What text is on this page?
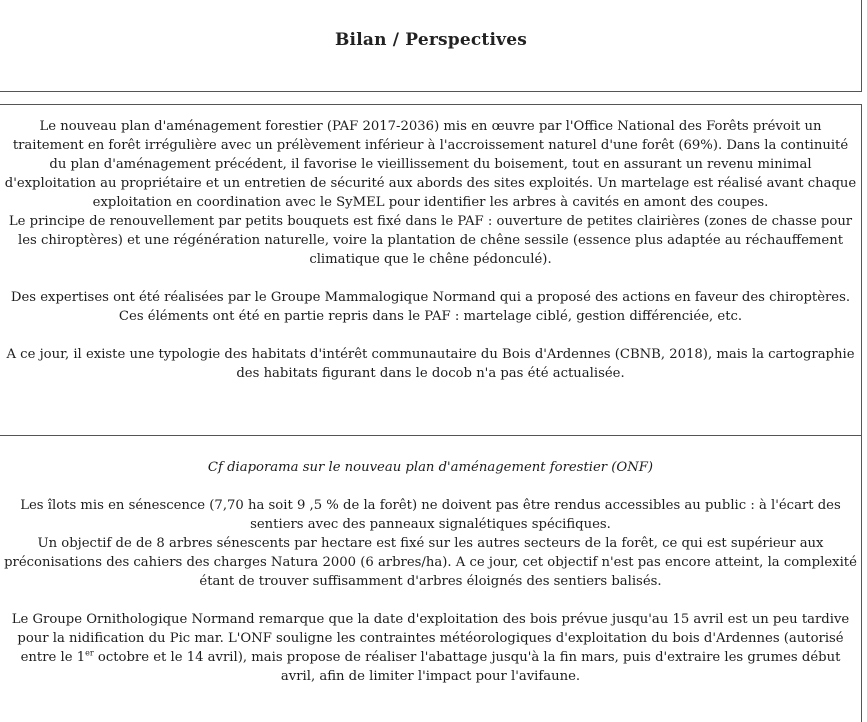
Bilan / Perspectives

Le nouveau plan d'aménagement forestier (PAF 2017-2036) mis en œuvre par l'Office National des Forêts prévoit un traitement en forêt irrégulière avec un prélèvement inférieur à l'accroissement naturel d'une forêt (69%). Dans la continuité du plan d'aménagement précédent, il favorise le vieillissement du boisement, tout en assurant un revenu minimal d'exploitation au propriétaire et un entretien de sécurité aux abords des sites exploités. Un martelage est réalisé avant chaque exploitation en coordination avec le SyMEL pour identifier les arbres à cavités en amont des coupes.

Le principe de renouvellement par petits bouquets est fixé dans le PAF : ouverture de petites clairières (zones de chasse pour les chiroptères) et une régénération naturelle, voire la plantation de chêne sessile (essence plus adaptée au réchauffement climatique que le chêne pédonculé).

Des expertises ont été réalisées par le Groupe Mammalogique Normand qui a proposé des actions en faveur des chiroptères. Ces éléments ont été en partie repris dans le PAF : martelage ciblé, gestion différenciée, etc.

A ce jour, il existe une typologie des habitats d'intérêt communautaire du Bois d'Ardennes (CBNB, 2018), mais la cartographie des habitats figurant dans le docob n'a pas été actualisée.

Cf diaporama sur le nouveau plan d'aménagement forestier (ONF)

Les îlots mis en sénescence (7,70 ha soit 9 ,5 % de la forêt) ne doivent pas être rendus accessibles au public : à l'écart des sentiers avec des panneaux signalétiques spécifiques.

Un objectif de de 8 arbres sénescents par hectare est fixé sur les autres secteurs de la forêt, ce qui est supérieur aux préconisations des cahiers des charges Natura 2000 (6 arbres/ha). A ce jour, cet objectif n'est pas encore atteint, la complexité étant de trouver suffisamment d'arbres éloignés des sentiers balisés.

Le Groupe Ornithologique Normand remarque que la date d'exploitation des bois prévue jusqu'au 15 avril est un peu tardive pour la nidification du Pic mar. L'ONF souligne les contraintes météorologiques d'exploitation du bois d'Ardennes (autorisé entre le 1er octobre et le 14 avril), mais propose de réaliser l'abattage jusqu'à la fin mars, puis d'extraire les grumes début avril, afin de limiter l'impact pour l'avifaune.
